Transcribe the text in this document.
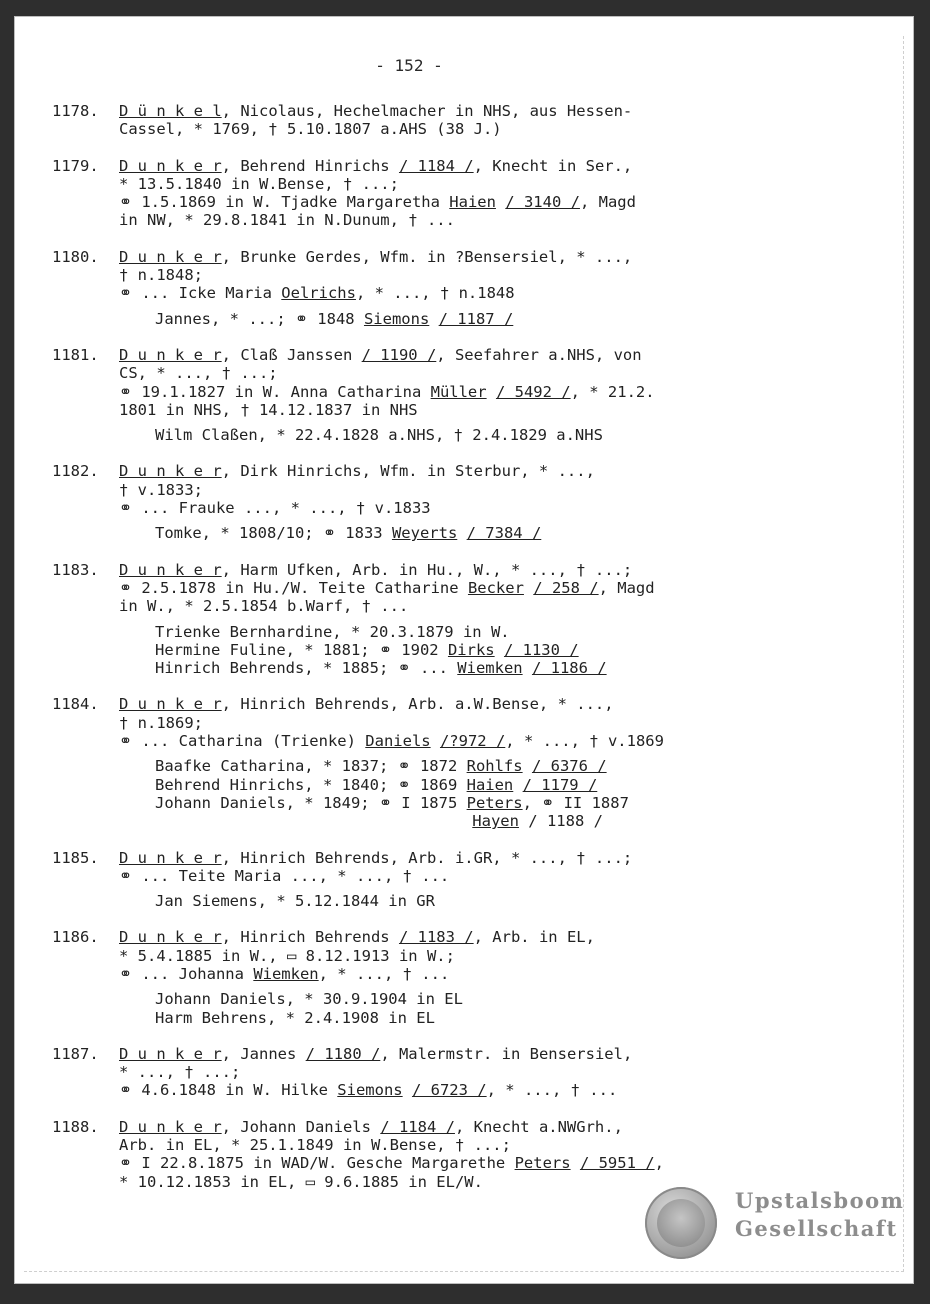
- 152 -
1178.	D ü n k e l, Nicolaus, Hechelmacher in NHS, aus Hessen-
Cassel, * 1769, † 5.10.1807 a.AHS (38 J.)
1179.	D u n k e r, Behrend Hinrichs / 1184 /, Knecht in Ser.,
* 13.5.1840 in W.Bense, † ...;
⚭ 1.5.1869 in W. Tjadke Margaretha Haien / 3140 /, Magd
in NW, * 29.8.1841 in N.Dunum, † ...
1180.	D u n k e r, Brunke Gerdes, Wfm. in ?Bensersiel, * ...,
† n.1848;
⚭ ... Icke Maria Oelrichs, * ..., † n.1848
Jannes, * ...; ⚭ 1848 Siemons / 1187 /
1181.	D u n k e r, Claß Janssen / 1190 /, Seefahrer a.NHS, von
CS, * ..., † ...;
⚭ 19.1.1827 in W. Anna Catharina Müller / 5492 /, * 21.2.
1801 in NHS, † 14.12.1837 in NHS
Wilm Claßen, * 22.4.1828 a.NHS, † 2.4.1829 a.NHS
1182.	D u n k e r, Dirk Hinrichs, Wfm. in Sterbur, * ...,
† v.1833;
⚭ ... Frauke ..., * ..., † v.1833
Tomke, * 1808/10; ⚭ 1833 Weyerts / 7384 /
1183.	D u n k e r, Harm Ufken, Arb. in Hu., W., * ..., † ...;
⚭ 2.5.1878 in Hu./W. Teite Catharine Becker / 258 /, Magd
in W., * 2.5.1854 b.Warf, † ...
Trienke Bernhardine, * 20.3.1879 in W.
Hermine Fuline, * 1881; ⚭ 1902 Dirks / 1130 /
Hinrich Behrends, * 1885; ⚭ ... Wiemken / 1186 /
1184.	D u n k e r, Hinrich Behrends, Arb. a.W.Bense, * ...,
† n.1869;
⚭ ... Catharina (Trienke) Daniels /?972 /, * ..., † v.1869
Baafke Catharina, * 1837; ⚭ 1872 Rohlfs / 6376 /
Behrend Hinrichs, * 1840; ⚭ 1869 Haien / 1179 /
Johann Daniels, * 1849; ⚭ I 1875 Peters, ⚭ II 1887
Hayen / 1188 /
1185.	D u n k e r, Hinrich Behrends, Arb. i.GR, * ..., † ...;
⚭ ... Teite Maria ..., * ..., † ...
Jan Siemens, * 5.12.1844 in GR
1186.	D u n k e r, Hinrich Behrends / 1183 /, Arb. in EL,
* 5.4.1885 in W., ▭ 8.12.1913 in W.;
⚭ ... Johanna Wiemken, * ..., † ...
Johann Daniels, * 30.9.1904 in EL
Harm Behrens, * 2.4.1908 in EL
1187.	D u n k e r, Jannes / 1180 /, Malermstr. in Bensersiel,
* ..., † ...;
⚭ 4.6.1848 in W. Hilke Siemons / 6723 /, * ..., † ...
1188.	D u n k e r, Johann Daniels / 1184 /, Knecht a.NWGrh.,
Arb. in EL, * 25.1.1849 in W.Bense, † ...;
⚭ I 22.8.1875 in WAD/W. Gesche Margarethe Peters / 5951 /,
* 10.12.1853 in EL, ▭ 9.6.1885 in EL/W.
Upstalsboom
Gesellschaft
